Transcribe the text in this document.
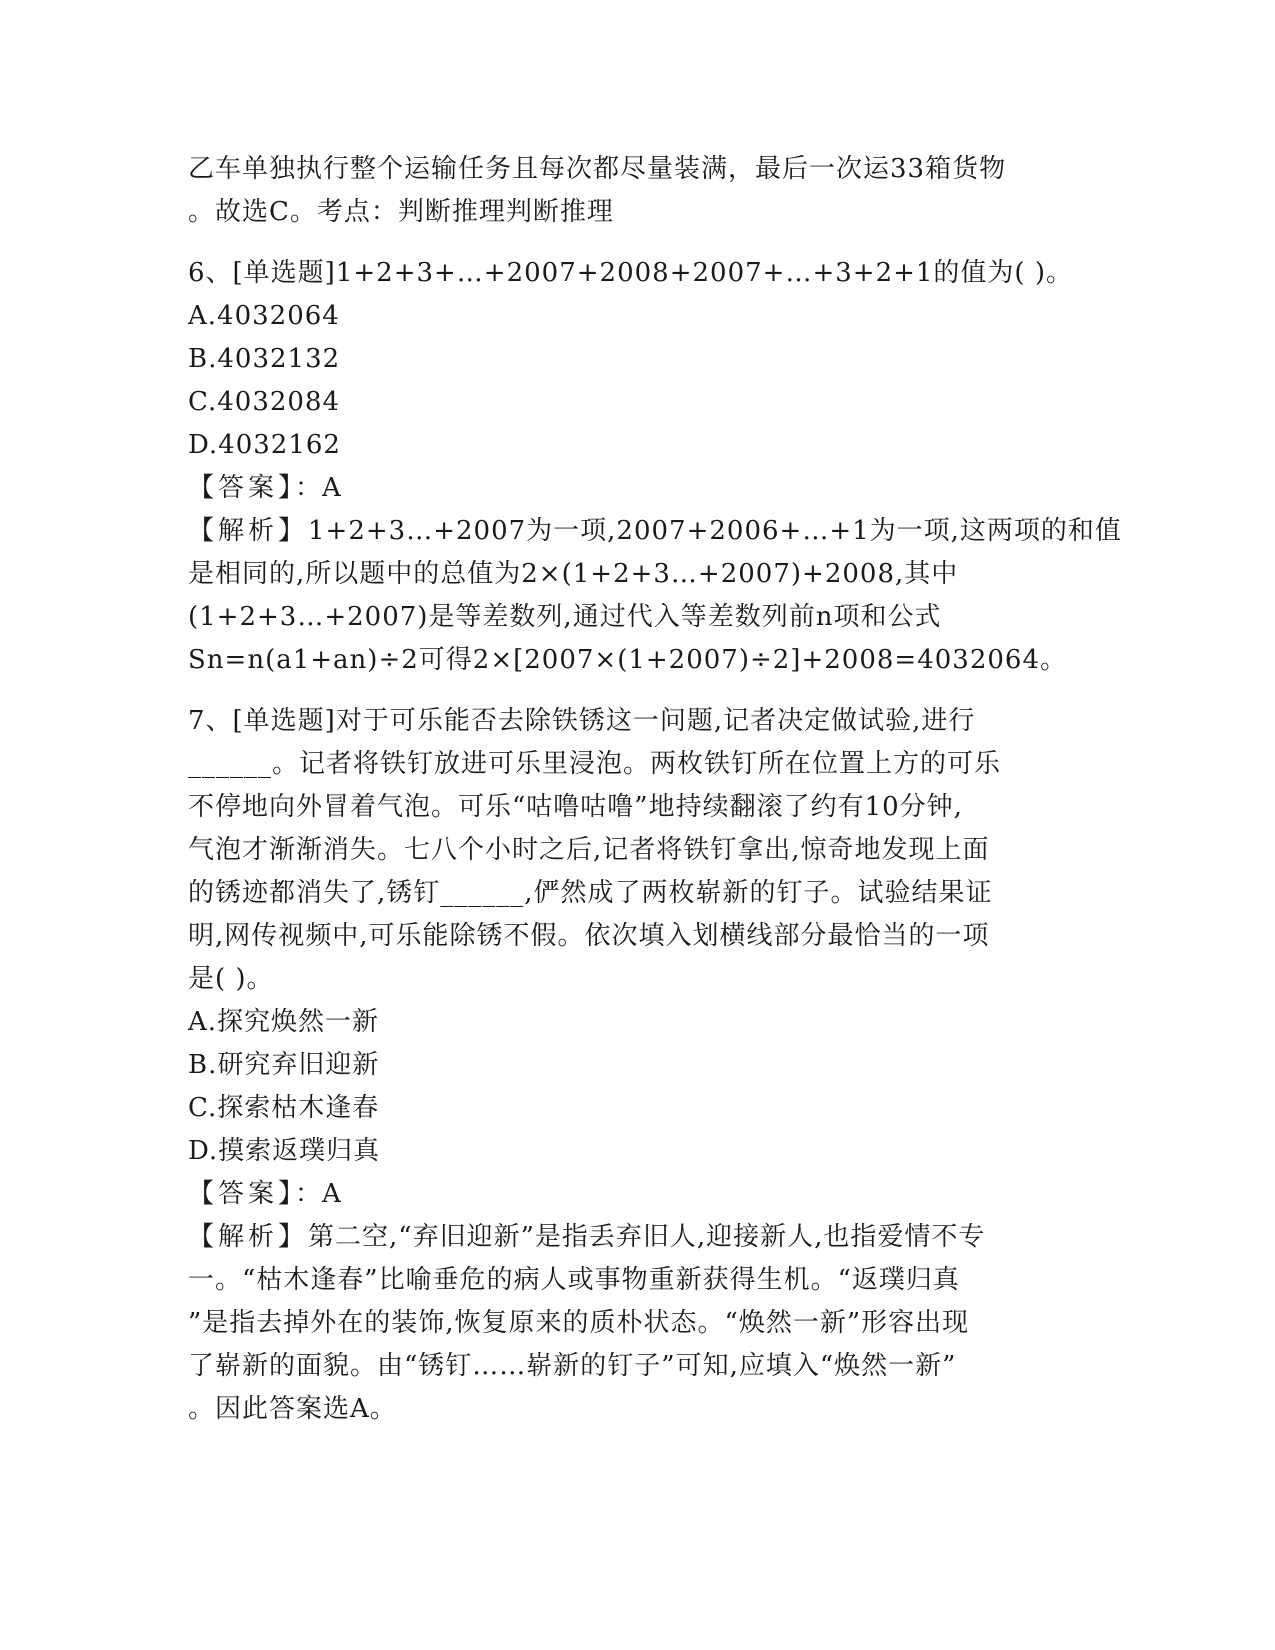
乙车单独执行整个运输任务且每次都尽量装满，最后一次运33箱货物
。故选C。考点：判断推理判断推理
6、[单选题]1+2+3+…+2007+2008+2007+…+3+2+1的值为( )。
A.4032064
B.4032132
C.4032084
D.4032162
【答案】：A
【解析】1+2+3…+2007为一项,2007+2006+…+1为一项,这两项的和值
是相同的,所以题中的总值为2×(1+2+3…+2007)+2008,其中
(1+2+3…+2007)是等差数列,通过代入等差数列前n项和公式
Sn=n(a1+an)÷2可得2×[2007×(1+2007)÷2]+2008=4032064。
7、[单选题]对于可乐能否去除铁锈这一问题,记者决定做试验,进行
______。记者将铁钉放进可乐里浸泡。两枚铁钉所在位置上方的可乐
不停地向外冒着气泡。可乐“咕噜咕噜”地持续翻滚了约有10分钟,
气泡才渐渐消失。七八个小时之后,记者将铁钉拿出,惊奇地发现上面
的锈迹都消失了,锈钉______,俨然成了两枚崭新的钉子。试验结果证
明,网传视频中,可乐能除锈不假。依次填入划横线部分最恰当的一项
是( )。
A.探究焕然一新
B.研究弃旧迎新
C.探索枯木逢春
D.摸索返璞归真
【答案】：A
【解析】第二空,“弃旧迎新”是指丢弃旧人,迎接新人,也指爱情不专
一。“枯木逢春”比喻垂危的病人或事物重新获得生机。“返璞归真
”是指去掉外在的装饰,恢复原来的质朴状态。“焕然一新”形容出现
了崭新的面貌。由“锈钉……崭新的钉子”可知,应填入“焕然一新”
。因此答案选A。
